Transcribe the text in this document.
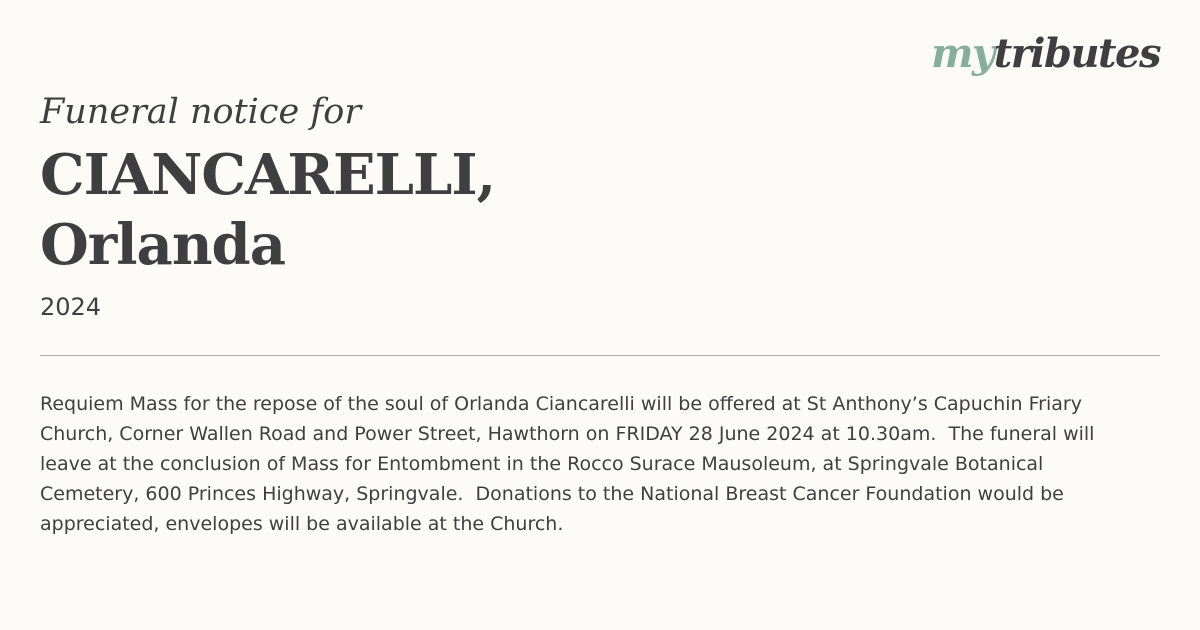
mytributes
Funeral notice for
CIANCARELLI,
Orlanda
2024

Requiem Mass for the repose of the soul of Orlanda Ciancarelli will be offered at St Anthony’s Capuchin Friary Church, Corner Wallen Road and Power Street, Hawthorn on FRIDAY 28 June 2024 at 10.30am.  The funeral will leave at the conclusion of Mass for Entombment in the Rocco Surace Mausoleum, at Springvale Botanical Cemetery, 600 Princes Highway, Springvale.  Donations to the National Breast Cancer Foundation would be appreciated, envelopes will be available at the Church.
